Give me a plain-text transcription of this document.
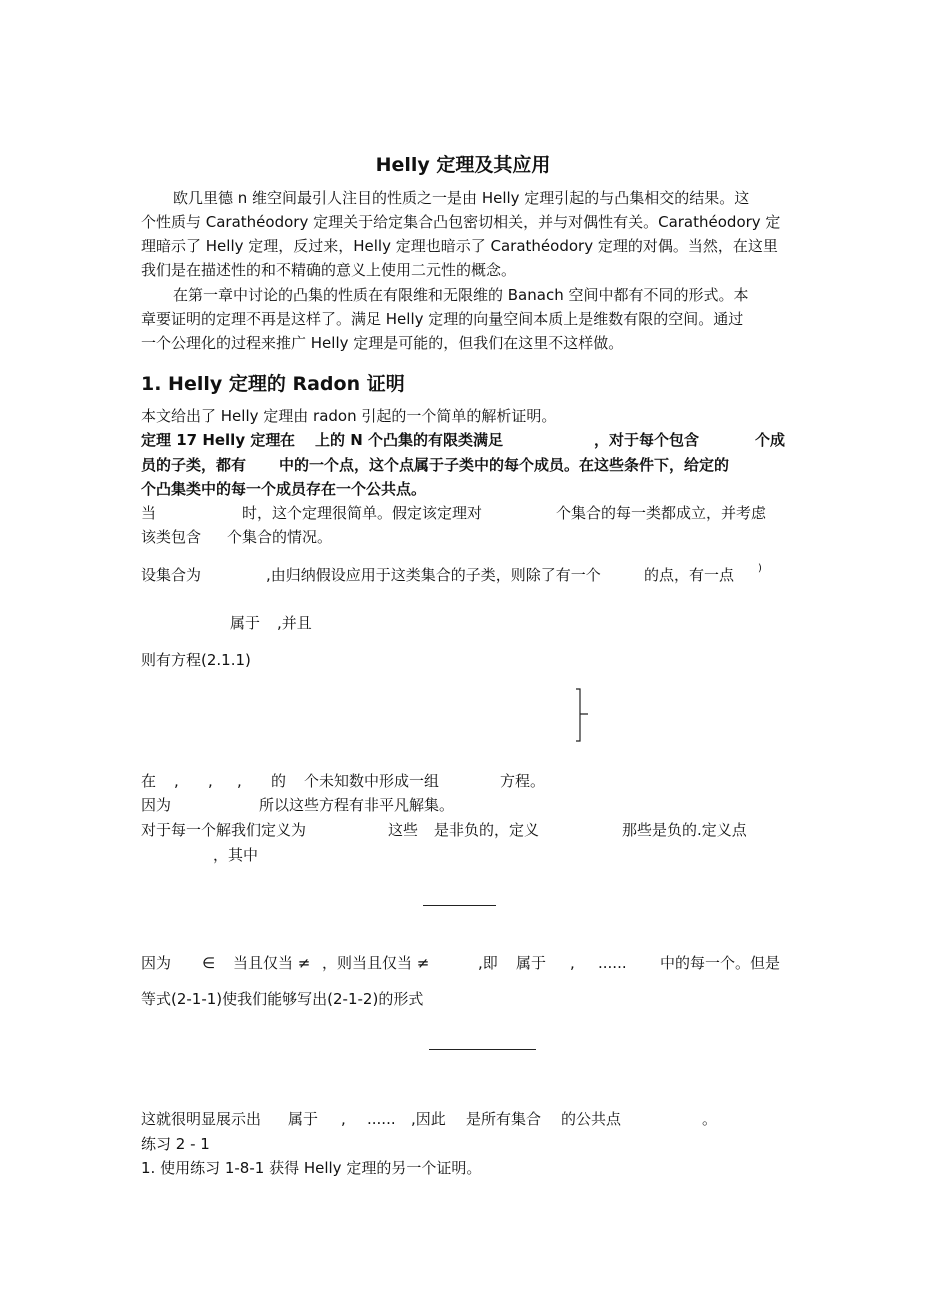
Helly 定理及其应用
欧几里德 n 维空间最引人注目的性质之一是由 Helly 定理引起的与凸集相交的结果。这
个性质与 Carathéodory 定理关于给定集合凸包密切相关，并与对偶性有关。Carathéodory 定
理暗示了 Helly 定理，反过来，Helly 定理也暗示了 Carathéodory 定理的对偶。当然，在这里
我们是在描述性的和不精确的意义上使用二元性的概念。
在第一章中讨论的凸集的性质在有限维和无限维的 Banach 空间中都有不同的形式。本
章要证明的定理不再是这样了。满足 Helly 定理的向量空间本质上是维数有限的空间。通过
一个公理化的过程来推广 Helly 定理是可能的，但我们在这里不这样做。
1. Helly 定理的 Radon 证明
本文给出了 Helly 定理由 radon 引起的一个简单的解析证明。
定理 17 Helly 定理 在 上的 N 个凸集的有限类满足	，对于每个包含	个成
员的子类，都有 中的一个点，这个点属于子类中的每个成员。在这些条件下，给定的
个凸集类中的每一个成员存在一个公共点。
当	时，这个定理很简单。假定该定理对	个集合的每一类都成立，并考虑
该类包含 个集合的情况。
设集合为	,由归纳假设应用于这类集合的子类，则除了有一个	的点，有一点 )
属于 ,并且
则有方程(2.1.1)
在 , , , 的 个未知数中形成一组	方程。
因为	所以这些方程有非平凡解集。
对于每一个解我们定义为	这些 是非负的，定义	那些是负的.定义点
，其中
因为 ∈ 当且仅当 ≠ ，则当且仅当 ≠	,即 属于 , ...... 中的每一个。但是
等式(2-1-1)使我们能够写出(2-1-2)的形式
这就很明显展示出 属于 , ...... ,因此 是所有集合 的公共点	。
练习 2 - 1
1. 使用练习 1-8-1 获得 Helly 定理的另一个证明。
